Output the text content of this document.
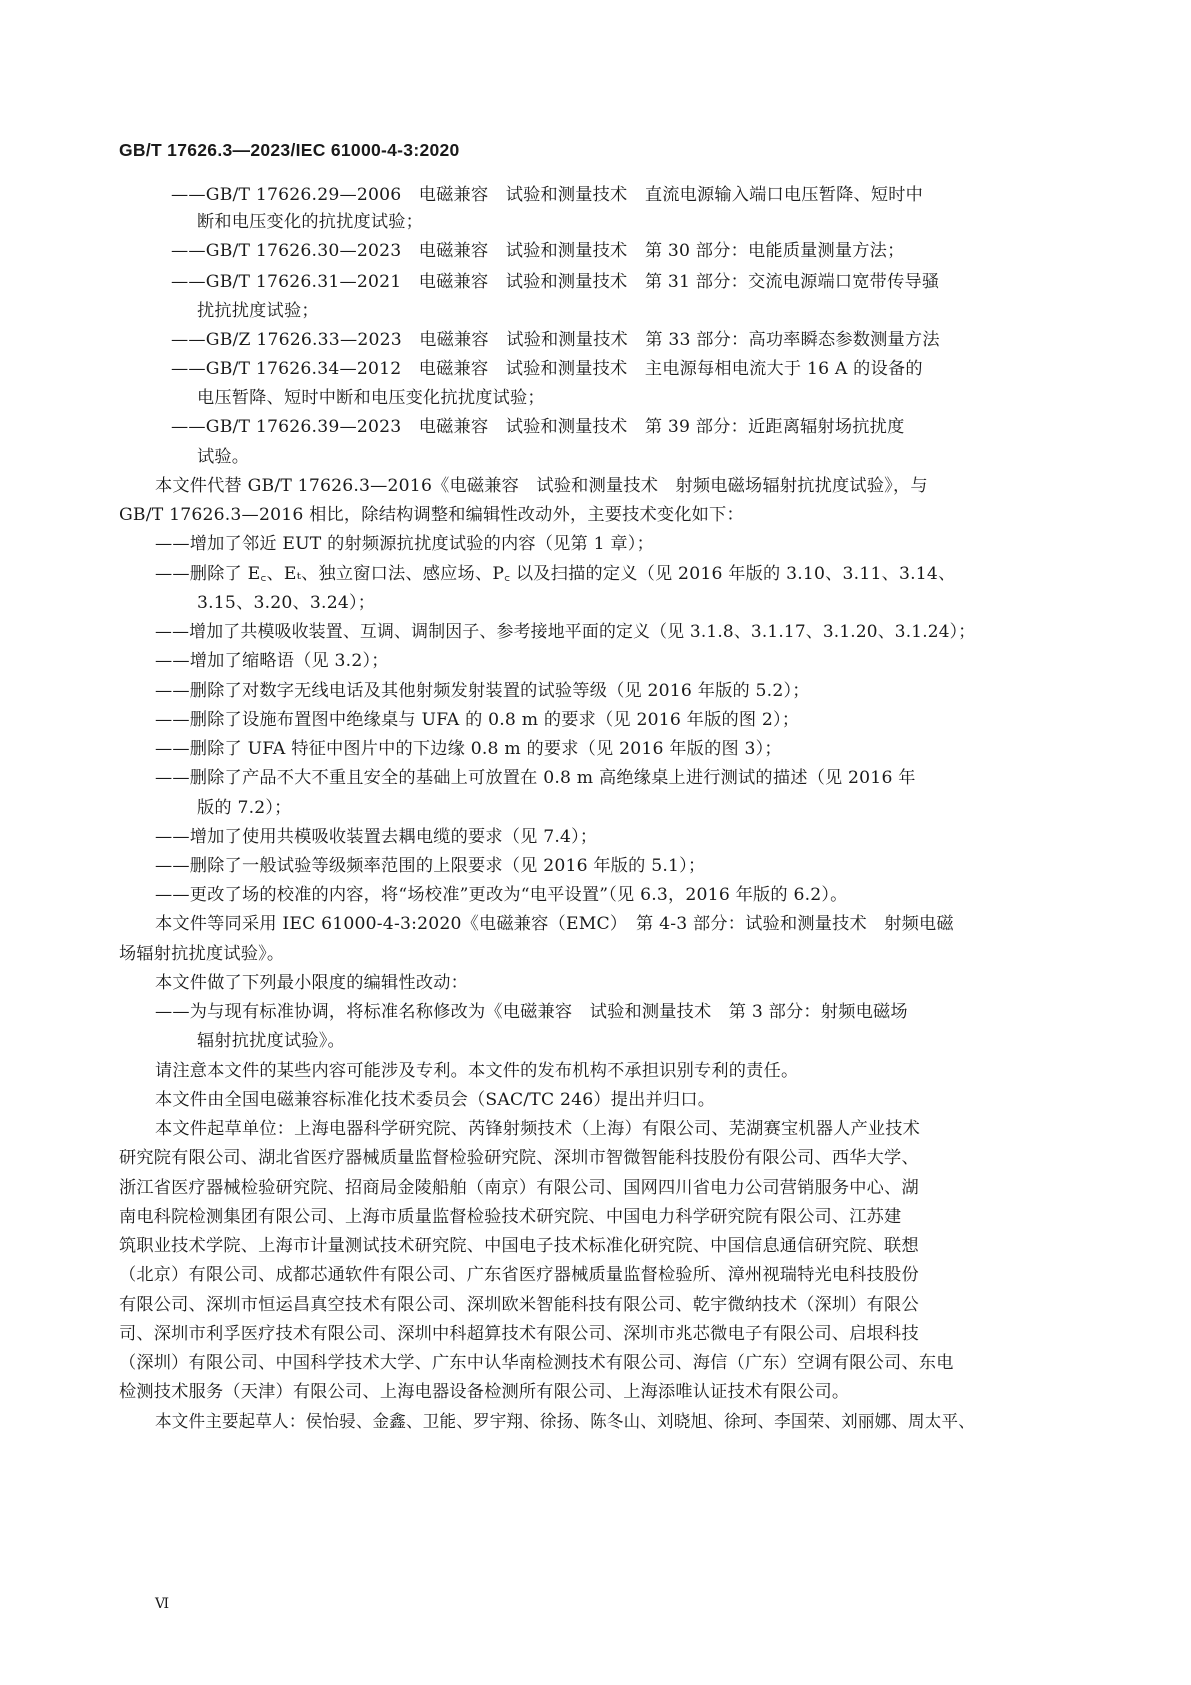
GB/T 17626.3—2023/IEC 61000-4-3:2020
——GB/T 17626.29—2006　电磁兼容　试验和测量技术　直流电源输入端口电压暂降、短时中
断和电压变化的抗扰度试验；
——GB/T 17626.30—2023　电磁兼容　试验和测量技术　第 30 部分：电能质量测量方法；
——GB/T 17626.31—2021　电磁兼容　试验和测量技术　第 31 部分：交流电源端口宽带传导骚
扰抗扰度试验；
——GB/Z 17626.33—2023　电磁兼容　试验和测量技术　第 33 部分：高功率瞬态参数测量方法
——GB/T 17626.34—2012　电磁兼容　试验和测量技术　主电源每相电流大于 16 A 的设备的
电压暂降、短时中断和电压变化抗扰度试验；
——GB/T 17626.39—2023　电磁兼容　试验和测量技术　第 39 部分：近距离辐射场抗扰度
试验。
本文件代替 GB/T 17626.3—2016《电磁兼容　试验和测量技术　射频电磁场辐射抗扰度试验》，与
GB/T 17626.3—2016 相比，除结构调整和编辑性改动外，主要技术变化如下：
——增加了邻近 EUT 的射频源抗扰度试验的内容（见第 1 章）；
——删除了 E꜀、Eₜ、独立窗口法、感应场、P꜀ 以及扫描的定义（见 2016 年版的 3.10、3.11、3.14、
3.15、3.20、3.24）；
——增加了共模吸收装置、互调、调制因子、参考接地平面的定义（见 3.1.8、3.1.17、3.1.20、3.1.24）；
——增加了缩略语（见 3.2）；
——删除了对数字无线电话及其他射频发射装置的试验等级（见 2016 年版的 5.2）；
——删除了设施布置图中绝缘桌与 UFA 的 0.8 m 的要求（见 2016 年版的图 2）；
——删除了 UFA 特征中图片中的下边缘 0.8 m 的要求（见 2016 年版的图 3）；
——删除了产品不大不重且安全的基础上可放置在 0.8 m 高绝缘桌上进行测试的描述（见 2016 年
版的 7.2）；
——增加了使用共模吸收装置去耦电缆的要求（见 7.4）；
——删除了一般试验等级频率范围的上限要求（见 2016 年版的 5.1）；
——更改了场的校准的内容，将“场校准”更改为“电平设置”（见 6.3，2016 年版的 6.2）。
本文件等同采用 IEC 61000-4-3:2020《电磁兼容（EMC）　第 4-3 部分：试验和测量技术　射频电磁
场辐射抗扰度试验》。
本文件做了下列最小限度的编辑性改动：
——为与现有标准协调，将标准名称修改为《电磁兼容　试验和测量技术　第 3 部分：射频电磁场
辐射抗扰度试验》。
请注意本文件的某些内容可能涉及专利。本文件的发布机构不承担识别专利的责任。
本文件由全国电磁兼容标准化技术委员会（SAC/TC 246）提出并归口。
本文件起草单位：上海电器科学研究院、芮锋射频技术（上海）有限公司、芜湖赛宝机器人产业技术
研究院有限公司、湖北省医疗器械质量监督检验研究院、深圳市智微智能科技股份有限公司、西华大学、
浙江省医疗器械检验研究院、招商局金陵船舶（南京）有限公司、国网四川省电力公司营销服务中心、湖
南电科院检测集团有限公司、上海市质量监督检验技术研究院、中国电力科学研究院有限公司、江苏建
筑职业技术学院、上海市计量测试技术研究院、中国电子技术标准化研究院、中国信息通信研究院、联想
（北京）有限公司、成都芯通软件有限公司、广东省医疗器械质量监督检验所、漳州视瑞特光电科技股份
有限公司、深圳市恒运昌真空技术有限公司、深圳欧米智能科技有限公司、乾宇微纳技术（深圳）有限公
司、深圳市利孚医疗技术有限公司、深圳中科超算技术有限公司、深圳市兆芯微电子有限公司、启垠科技
（深圳）有限公司、中国科学技术大学、广东中认华南检测技术有限公司、海信（广东）空调有限公司、东电
检测技术服务（天津）有限公司、上海电器设备检测所有限公司、上海添唯认证技术有限公司。
本文件主要起草人：侯怡骎、金鑫、卫能、罗宇翔、徐扬、陈冬山、刘晓旭、徐珂、李国荣、刘丽娜、周太平、
Ⅵ
